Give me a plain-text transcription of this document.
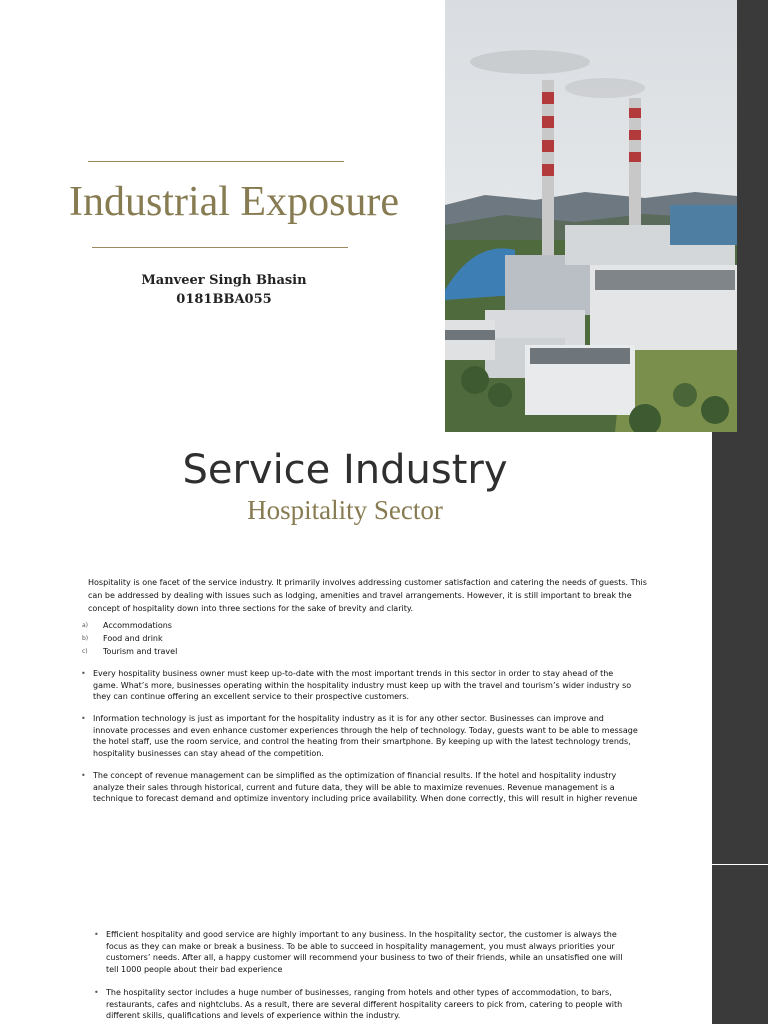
Industrial Exposure
Manveer Singh Bhasin
0181BBA055
Service Industry
Hospitality Sector
Hospitality is one facet of the service industry. It primarily involves addressing customer satisfaction and catering the needs of guests. This can be addressed by dealing with issues such as lodging, amenities and travel arrangements. However, it is still important to break the concept of hospitality down into three sections for the sake of brevity and clarity.
a) Accommodations
b) Food and drink
c) Tourism and travel
• Every hospitality business owner must keep up-to-date with the most important trends in this sector in order to stay ahead of the game. What’s more, businesses operating within the hospitality industry must keep up with the travel and tourism’s wider industry so they can continue offering an excellent service to their prospective customers.
• Information technology is just as important for the hospitality industry as it is for any other sector. Businesses can improve and innovate processes and even enhance customer experiences through the help of technology. Today, guests want to be able to message the hotel staff, use the room service, and control the heating from their smartphone. By keeping up with the latest technology trends, hospitality businesses can stay ahead of the competition.
• The concept of revenue management can be simplified as the optimization of financial results. If the hotel and hospitality industry analyze their sales through historical, current and future data, they will be able to maximize revenues. Revenue management is a technique to forecast demand and optimize inventory including price availability. When done correctly, this will result in higher revenue
• Efficient hospitality and good service are highly important to any business. In the hospitality sector, the customer is always the focus as they can make or break a business. To be able to succeed in hospitality management, you must always priorities your customers’ needs. After all, a happy customer will recommend your business to two of their friends, while an unsatisfied one will tell 1000 people about their bad experience
• The hospitality sector includes a huge number of businesses, ranging from hotels and other types of accommodation, to bars, restaurants, cafes and nightclubs. As a result, there are several different hospitality careers to pick from, catering to people with different skills, qualifications and levels of experience within the industry.
